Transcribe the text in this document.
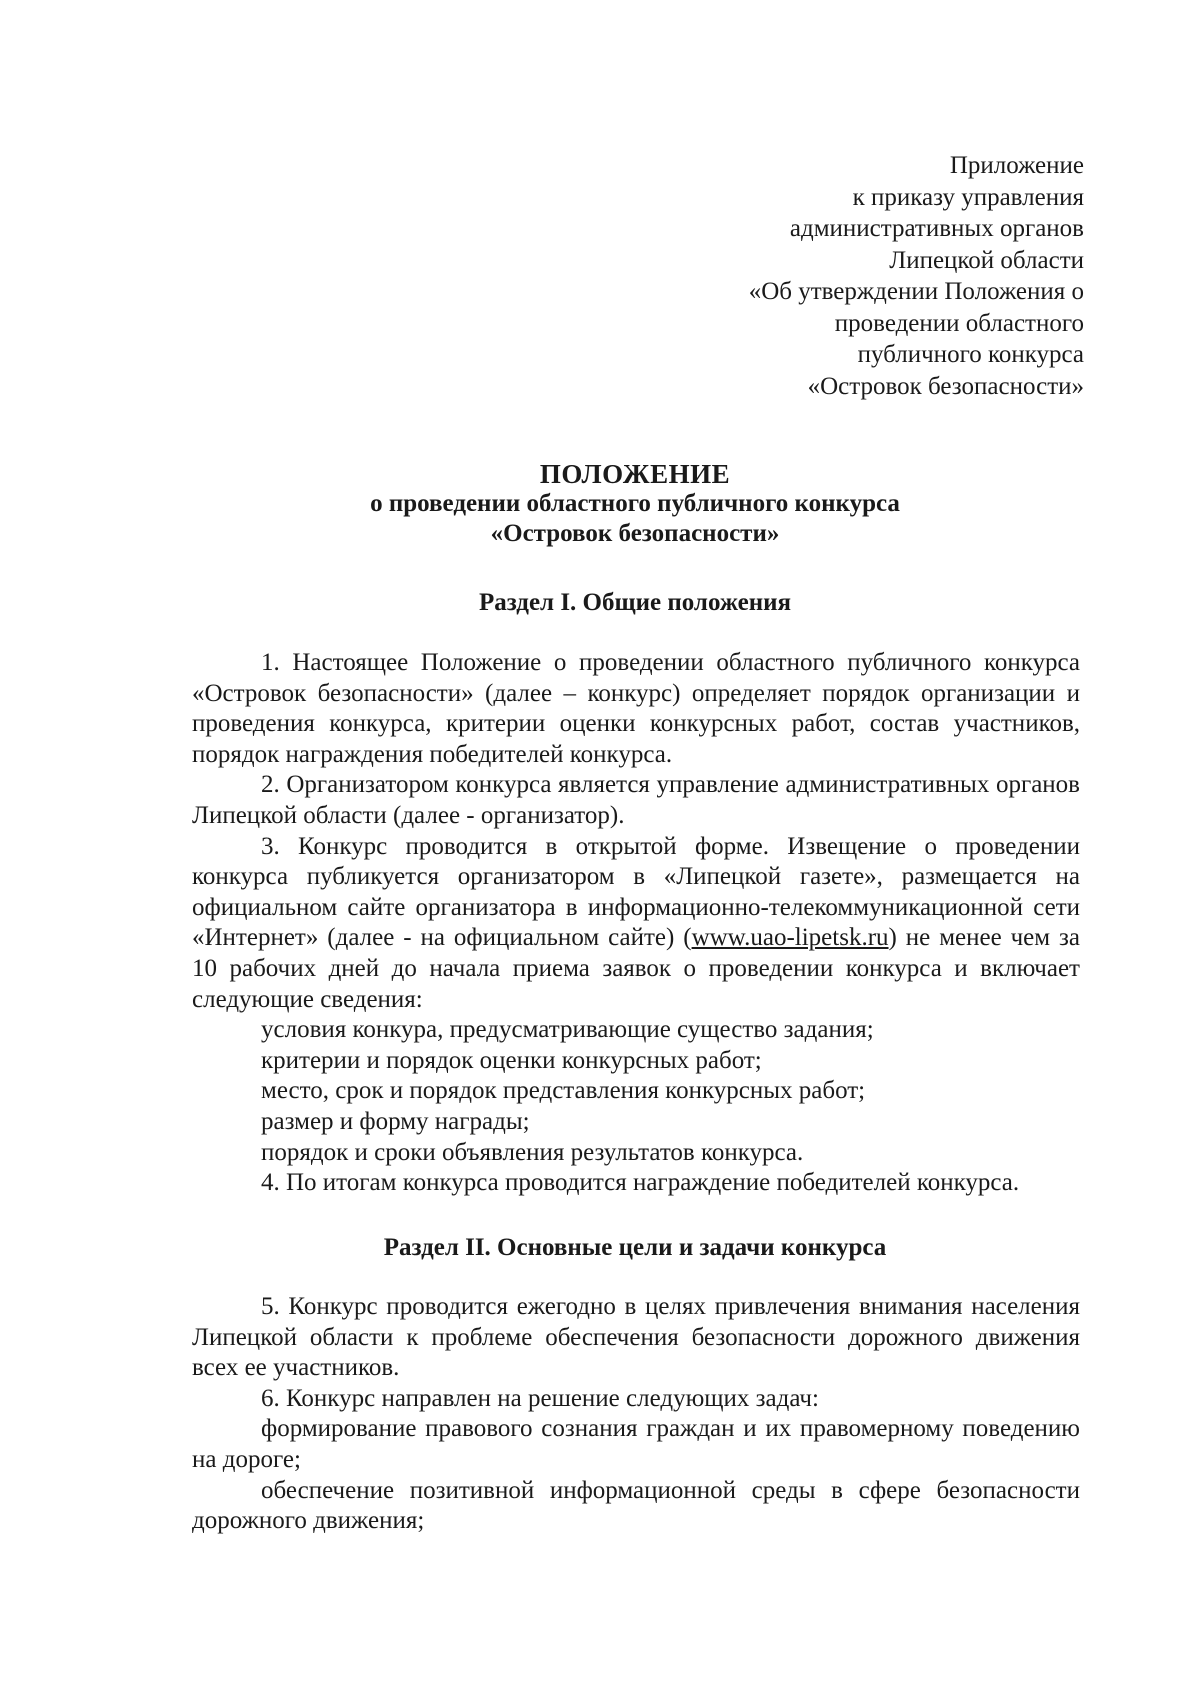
Приложение
к приказу управления
административных органов
Липецкой области
«Об утверждении Положения о
проведении областного
публичного конкурса
«Островок безопасности»
ПОЛОЖЕНИЕ
о проведении областного публичного конкурса
«Островок безопасности»
Раздел I. Общие положения

1. Настоящее Положение о проведении областного публичного конкурса «Островок безопасности» (далее – конкурс) определяет порядок организации и проведения конкурса, критерии оценки конкурсных работ, состав участников, порядок награждения победителей конкурса.

2. Организатором конкурса является управление административных органов Липецкой области (далее - организатор).

3. Конкурс проводится в открытой форме. Извещение о проведении конкурса публикуется организатором в «Липецкой газете», размещается на официальном сайте организатора в информационно-телекоммуникационной сети «Интернет» (далее - на официальном сайте) (www.uao-lipetsk.ru) не менее чем за 10 рабочих дней до начала приема заявок о проведении конкурса и включает следующие сведения:

условия конкура, предусматривающие существо задания;

критерии и порядок оценки конкурсных работ;

место, срок и порядок представления конкурсных работ;

размер и форму награды;

порядок и сроки объявления результатов конкурса.

4. По итогам конкурса проводится награждение победителей конкурса.

Раздел II. Основные цели и задачи конкурса

5. Конкурс проводится ежегодно в целях привлечения внимания населения Липецкой области к проблеме обеспечения безопасности дорожного движения всех ее участников.

6. Конкурс направлен на решение следующих задач:

формирование правового сознания граждан и их правомерному поведению на дороге;

обеспечение позитивной информационной среды в сфере безопасности дорожного движения;
